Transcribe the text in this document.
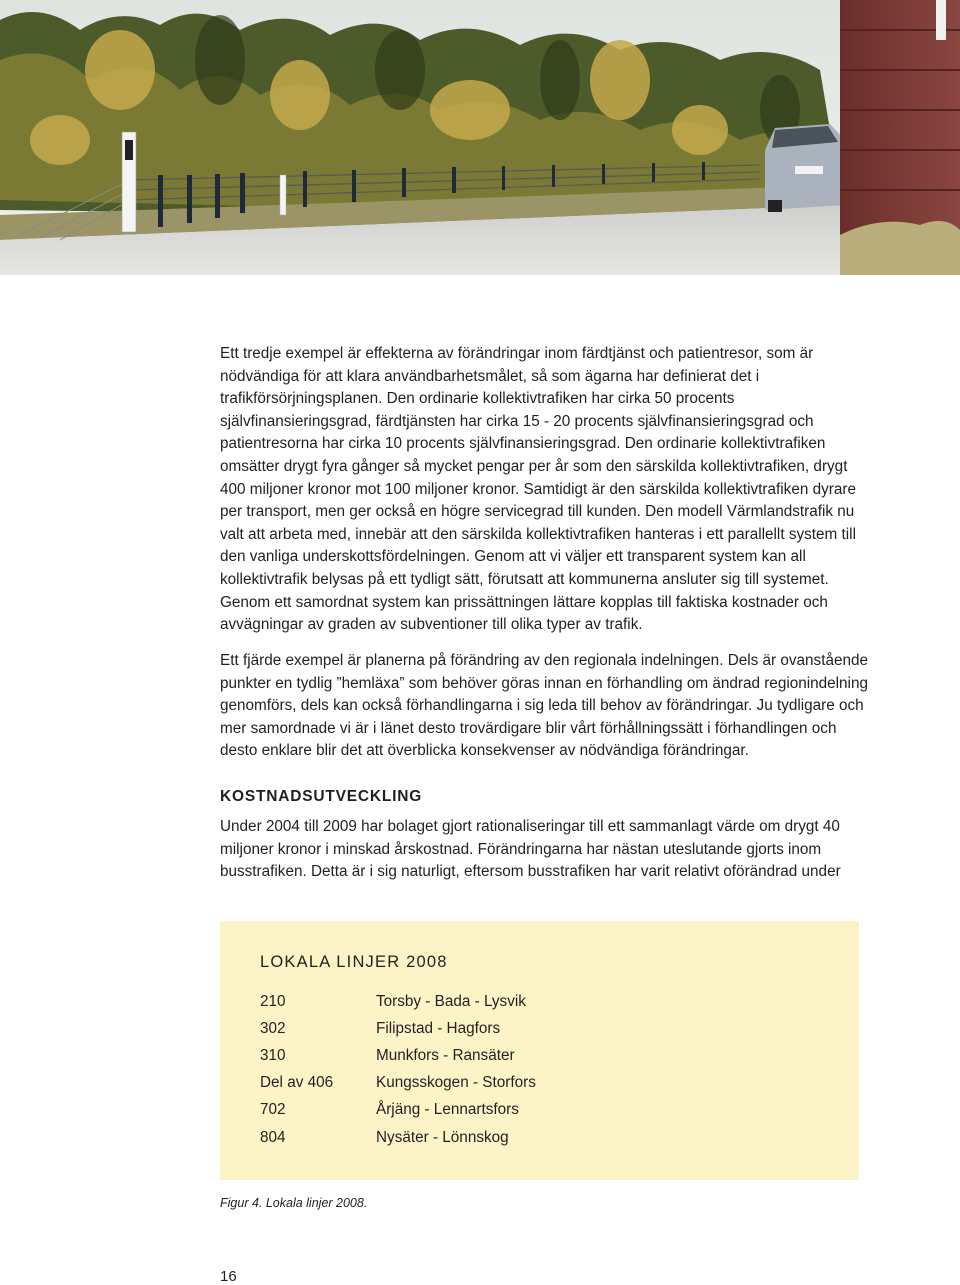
Ett tredje exempel är effekterna av förändringar inom färdtjänst och patientresor, som är nödvändiga för att klara användbarhetsmålet, så som ägarna har definierat det i trafikförsörjningsplanen. Den ordinarie kollektivtrafiken har cirka 50 procents självfinansieringsgrad, färdtjänsten har cirka 15 - 20 procents självfinansieringsgrad och patientresorna har cirka 10 procents självfinansieringsgrad. Den ordinarie kollektivtrafiken omsätter drygt fyra gånger så mycket pengar per år som den särskilda kollektivtrafiken, drygt 400 miljoner kronor mot 100 miljoner kronor. Samtidigt är den särskilda kollektivtrafiken dyrare per transport, men ger också en högre servicegrad till kunden. Den modell Värmlandstrafik nu valt att arbeta med, innebär att den särskilda kollektivtrafiken hanteras i ett parallellt system till den vanliga underskottsfördelningen. Genom att vi väljer ett transparent system kan all kollektivtrafik belysas på ett tydligt sätt, förutsatt att kommunerna ansluter sig till systemet. Genom ett samordnat system kan prissättningen lättare kopplas till faktiska kostnader och avvägningar av graden av subventioner till olika typer av trafik.

Ett fjärde exempel är planerna på förändring av den regionala indelningen. Dels är ovanstående punkter en tydlig ”hemläxa” som behöver göras innan en förhandling om ändrad regionindelning genomförs, dels kan också förhandlingarna i sig leda till behov av förändringar. Ju tydligare och mer samordnade vi är i länet desto trovärdigare blir vårt förhållningssätt i förhandlingen och desto enklare blir det att överblicka konsekvenser av nödvändiga förändringar.

KOSTNADSUTVECKLING

Under 2004 till 2009 har bolaget gjort rationaliseringar till ett sammanlagt värde om drygt 40 miljoner kronor i minskad årskostnad. Förändringarna har nästan uteslutande gjorts inom busstrafiken. Detta är i sig naturligt, eftersom busstrafiken har varit relativt oförändrad under

LOKALA LINJER 2008
210	Torsby - Bada - Lysvik
302	Filipstad - Hagfors
310	Munkfors - Ransäter
Del av 406	Kungsskogen - Storfors
702	Årjäng - Lennartsfors
804	Nysäter - Lönnskog

Figur 4. Lokala linjer 2008.

16
